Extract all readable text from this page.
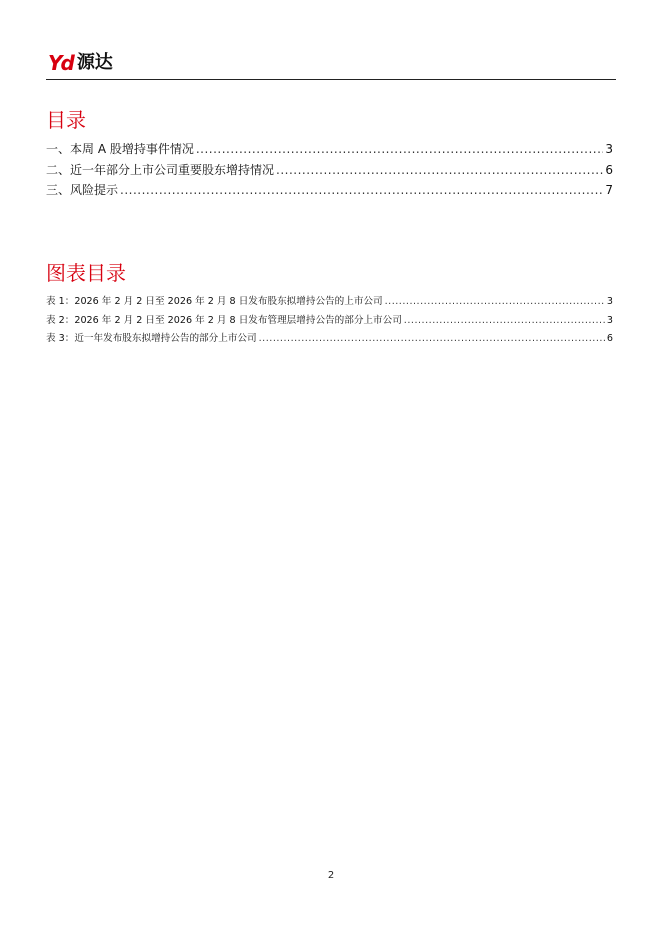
Yd 源达
目录
一、本周 A 股增持事件情况 .....	3
二、近一年部分上市公司重要股东增持情况 .....	6
三、风险提示 .....	7
图表目录
表 1：2026 年 2 月 2 日至 2026 年 2 月 8 日发布股东拟增持公告的上市公司 .....	3
表 2：2026 年 2 月 2 日至 2026 年 2 月 8 日发布管理层增持公告的部分上市公司 .....	3
表 3：近一年发布股东拟增持公告的部分上市公司 .....	6
2
